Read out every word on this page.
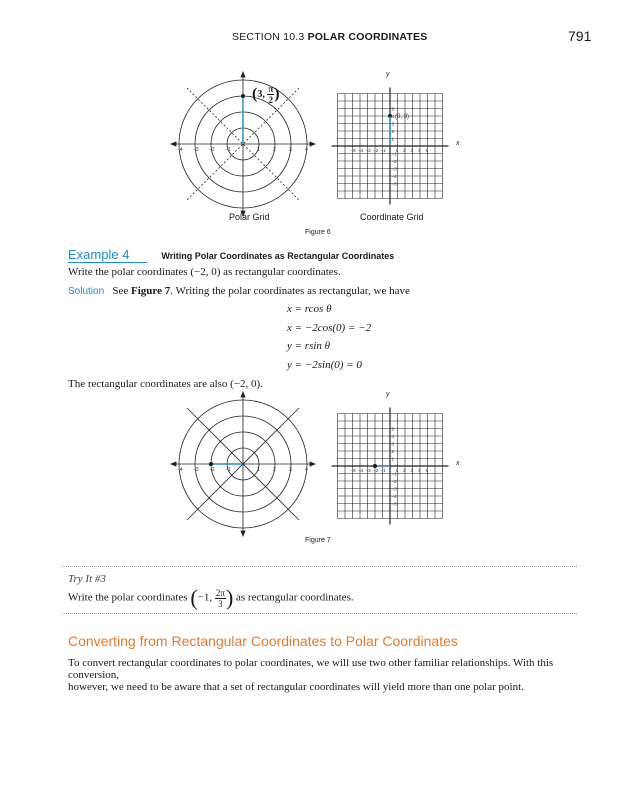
SECTION 10.3 POLAR COORDINATES	791
−4 −3 −2 −1	1	2	3	4
(3, $\frac{\pi}{2}$ )
Polar Grid
−5
−5
−4
−4
−3
−3
−2
−2
−1
−1
1
1
2
2
3
3
4
4
5
5
(0, 3)
x
y
Coordinate Grid
Figure 6
Example 4	Writing Polar Coordinates as Rectangular Coordinates
Write the polar coordinates (−2, 0) as rectangular coordinates.
Solution See Figure 7. Writing the polar coordinates as rectangular, we have
x = rcos θ
x = −2cos(0) = −2
y = rsin θ
y = −2sin(0) = 0
The rectangular coordinates are also (−2, 0).
−4 −3 −2 −1	1	2	3	4	−5
−5
−4
−4
−3
−3
−2
−2
−1
−1
1
1
2
2
3
3
4
4
5
5
x
y
Figure 7
Try It #3
Write the polar coordinates (−1, $\frac{2\pi}{3}$ ) as rectangular coordinates.
Converting from Rectangular Coordinates to Polar Coordinates
To convert rectangular coordinates to polar coordinates, we will use two other familiar relationships. With this conversion,
however, we need to be aware that a set of rectangular coordinates will yield more than one polar point.
